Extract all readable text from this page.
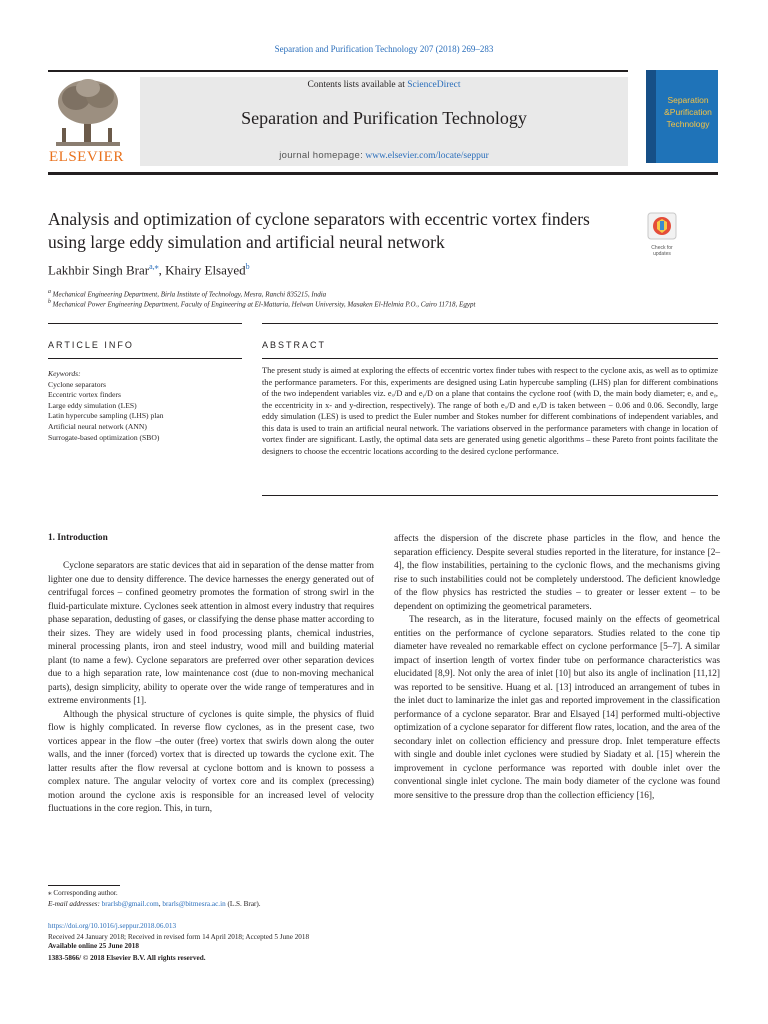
Separation and Purification Technology 207 (2018) 269–283
ELSEVIER
Contents lists available at ScienceDirect
Separation and Purification Technology
journal homepage: www.elsevier.com/locate/seppur
Separation
&Purification
Technology
Analysis and optimization of cyclone separators with eccentric vortex finders using large eddy simulation and artificial neural network	Check for updates
Lakhbir Singh Brar$^{a,⁎}$, Khairy Elsayed$^b$
$^a$ Mechanical Engineering Department, Birla Institute of Technology, Mesra, Ranchi 835215, India
$^b$ Mechanical Power Engineering Department, Faculty of Engineering at El-Mattaria, Helwan University, Masaken El-Helmia P.O., Cairo 11718, Egypt
ARTICLE INFO	ABSTRACT
Keywords:
Cyclone separators
Eccentric vortex finders
Large eddy simulation (LES)
Latin hypercube sampling (LHS) plan
Artificial neural network (ANN)
Surrogate-based optimization (SBO)
The present study is aimed at exploring the effects of eccentric vortex finder tubes with respect to the cyclone axis, as well as to optimize the performance parameters. For this, experiments are designed using Latin hypercube sampling (LHS) plan for different combinations of the two independent variables viz. eₓ/D and eᵧ/D on a plane that contains the cyclone roof (with D, the main body diameter; eₓ and eᵧ, the eccentricity in x- and y-direction, respectively). The range of both eₓ/D and eᵧ/D is taken between − 0.06 and 0.06. Secondly, large eddy simulation (LES) is used to predict the Euler number and Stokes number for different combinations of independent variables, and this data is used to train an artificial neural network. The variations observed in the performance parameters with change in location of vortex finder are significant. Lastly, the optimal data sets are generated using genetic algorithms – these Pareto front points facilitate the designers to choose the eccentric locations according to the desired cyclone performance.
1. Introduction

Cyclone separators are static devices that aid in separation of the dense matter from lighter one due to density difference. The device harnesses the energy generated out of centrifugal forces – confined geometry promotes the formation of strong swirl in the fluid-particulate mixture. Cyclones seek attention in almost every industry that requires phase separation, dedusting of gases, or classifying the dense phase matter according to their sizes. They are widely used in food processing plants, chemical industries, mineral processing plants, iron and steel industry, wood mill and building material plant (to name a few). Cyclone separators are preferred over other separation devices due to a high separation rate, low maintenance cost (due to non-moving mechanical parts), design simplicity, ability to operate over the wide range of temperatures and in extreme environments [1].

Although the physical structure of cyclones is quite simple, the physics of fluid flow is highly complicated. In reverse flow cyclones, as in the present case, two vortices appear in the flow –the outer (free) vortex that swirls down along the outer walls, and the inner (forced) vortex that is directed up towards the cyclone exit. The latter results after the flow reversal at cyclone bottom and is known to possess a complex nature. The angular velocity of vortex core and its complex (precessing) motion around the cyclone axis is responsible for an increased level of velocity fluctuations in the core region. This, in turn,

affects the dispersion of the discrete phase particles in the flow, and hence the separation efficiency. Despite several studies reported in the literature, for instance [2–4], the flow instabilities, pertaining to the cyclonic flows, and the mechanisms giving rise to such instabilities could not be completely understood. The deficient knowledge of the flow physics has restricted the studies – to greater or lesser extent – to be dependent on optimizing the geometrical parameters.

The research, as in the literature, focused mainly on the effects of geometrical entities on the performance of cyclone separators. Studies related to the cone tip diameter have revealed no remarkable effect on cyclone performance [5–7]. A similar impact of insertion length of vortex finder tube on performance characteristics was elucidated [8,9]. Not only the area of inlet [10] but also its angle of inclination [11,12] was reported to be sensitive. Huang et al. [13] introduced an arrangement of tubes in the inlet duct to laminarize the inlet gas and reported improvement in the classification performance of a cyclone separator. Brar and Elsayed [14] performed multi-objective optimization of a cyclone separator for different flow rates, location, and the area of the secondary inlet on collection efficiency and pressure drop. Inlet temperature effects with single and double inlet cyclones were studied by Siadaty et al. [15] wherein the improvement in cyclone performance was reported with double inlet over the conventional single inlet cyclone. The main body diameter of the cyclone was found more sensitive to the pressure drop than the collection efficiency [16],

⁎ Corresponding author.
E-mail addresses: brarlsb@gmail.com, brarls@bitmesra.ac.in (L.S. Brar).
https://doi.org/10.1016/j.seppur.2018.06.013
Received 24 January 2018; Received in revised form 14 April 2018; Accepted 5 June 2018
Available online 25 June 2018
1383-5866/ © 2018 Elsevier B.V. All rights reserved.
